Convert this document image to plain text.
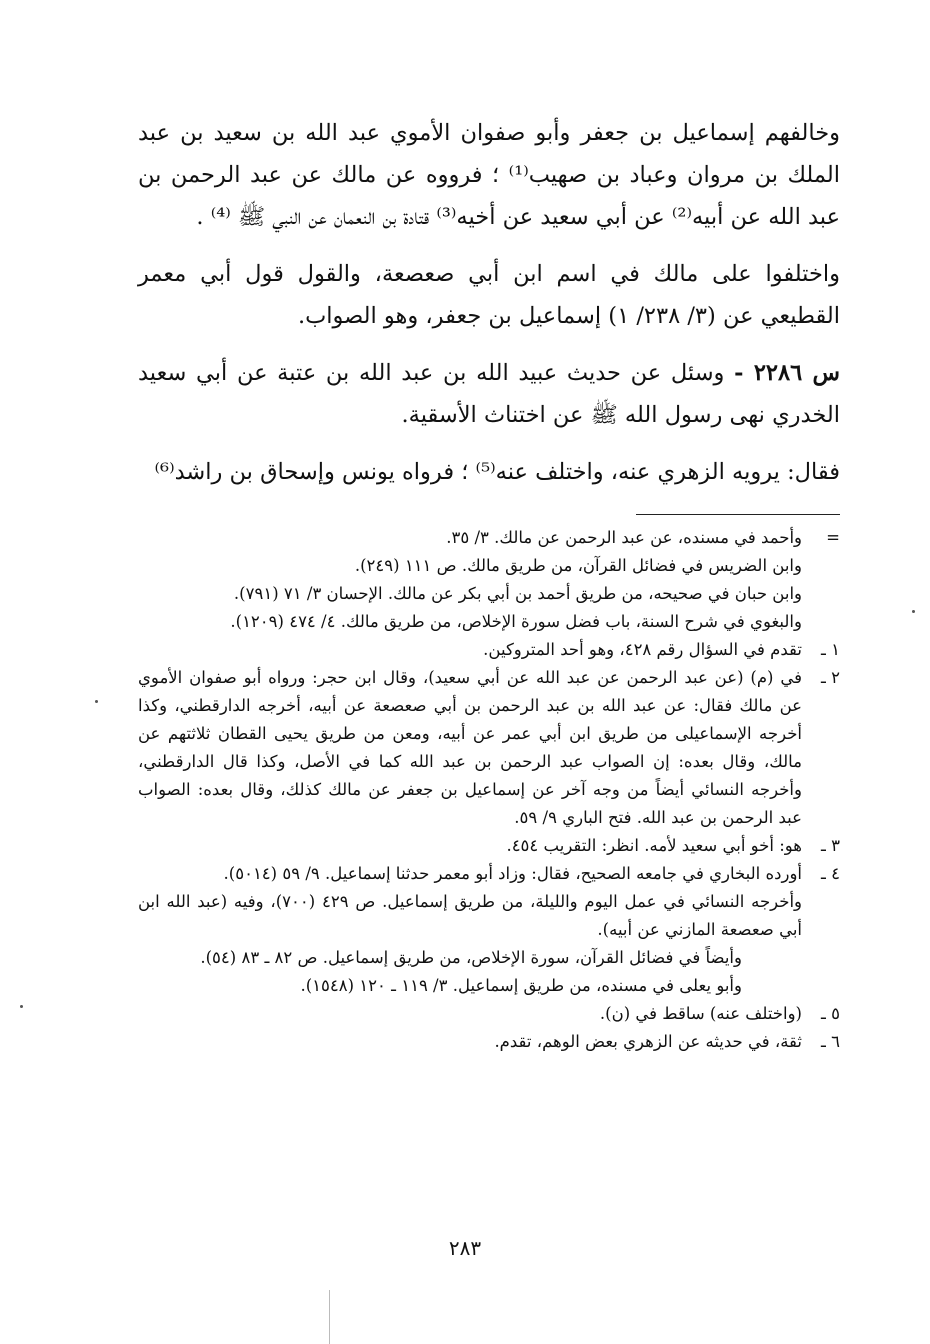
وخالفهم إسماعيل بن جعفر وأبو صفوان الأموي عبد الله بن سعيد بن عبد الملك بن مروان وعباد بن صهيب⁽¹⁾ ؛ فرووه عن مالك عن عبد الرحمن بن عبد الله عن أبيه⁽²⁾ عن أبي سعيد عن أخيه⁽³⁾ قتادة بن النعمان عن النبي ﷺ ⁽⁴⁾ .

واختلفوا على مالك في اسم ابن أبي صعصعة، والقول قول أبي معمر القطيعي عن (٣/ ٢٣٨/ ١) إسماعيل بن جعفر، وهو الصواب.

س ٢٢٨٦ - وسئل عن حديث عبيد الله بن عبد الله بن عتبة عن أبي سعيد الخدري نهى رسول الله ﷺ عن اختناث الأسقية.

فقال: يرويه الزهري عنه، واختلف عنه⁽⁵⁾ ؛ فرواه يونس وإسحاق بن راشد⁽⁶⁾

=
وأحمد في مسنده، عن عبد الرحمن عن مالك. ٣/ ٣٥.
وابن الضريس في فضائل القرآن، من طريق مالك. ص ١١١ (٢٤٩).
وابن حبان في صحيحه، من طريق أحمد بن أبي بكر عن مالك. الإحسان ٣/ ٧١ (٧٩١).
والبغوي في شرح السنة، باب فضل سورة الإخلاص، من طريق مالك. ٤/ ٤٧٤ (١٢٠٩).
١ ـ
تقدم في السؤال رقم ٤٢٨، وهو أحد المتروكين.
٢ ـ
في (م) (عن عبد الرحمن عن عبد الله عن أبي سعيد)، وقال ابن حجر: ورواه أبو صفوان الأموي عن مالك فقال: عن عبد الله بن عبد الرحمن بن أبي صعصعة عن أبيه، أخرجه الدارقطني، وكذا أخرجه الإسماعيلى من طريق ابن أبي عمر عن أبيه، ومعن من طريق يحيى القطان ثلاثتهم عن مالك، وقال بعده: إن الصواب عبد الرحمن بن عبد الله كما في الأصل، وكذا قال الدارقطني، وأخرجه النسائي أيضاً من وجه آخر عن إسماعيل بن جعفر عن مالك كذلك، وقال بعده: الصواب عبد الرحمن بن عبد الله. فتح الباري ٩/ ٥٩.
٣ ـ
هو: أخو أبي سعيد لأمه. انظر: التقريب ٤٥٤.
٤ ـ
أورده البخاري في جامعه الصحيح، فقال: وزاد أبو معمر حدثنا إسماعيل. ٩/ ٥٩ (٥٠١٤).
وأخرجه النسائي في عمل اليوم والليلة، من طريق إسماعيل. ص ٤٢٩ (٧٠٠)، وفيه (عبد الله ابن أبي صعصعة المازني عن أبيه).
وأيضاً في فضائل القرآن، سورة الإخلاص، من طريق إسماعيل. ص ٨٢ ـ ٨٣ (٥٤).
وأبو يعلى في مسنده، من طريق إسماعيل. ٣/ ١١٩ ـ ١٢٠ (١٥٤٨).
٥ ـ
(واختلف عنه) ساقط في (ن).
٦ ـ
ثقة، في حديثه عن الزهري بعض الوهم، تقدم.
٢٨٣
